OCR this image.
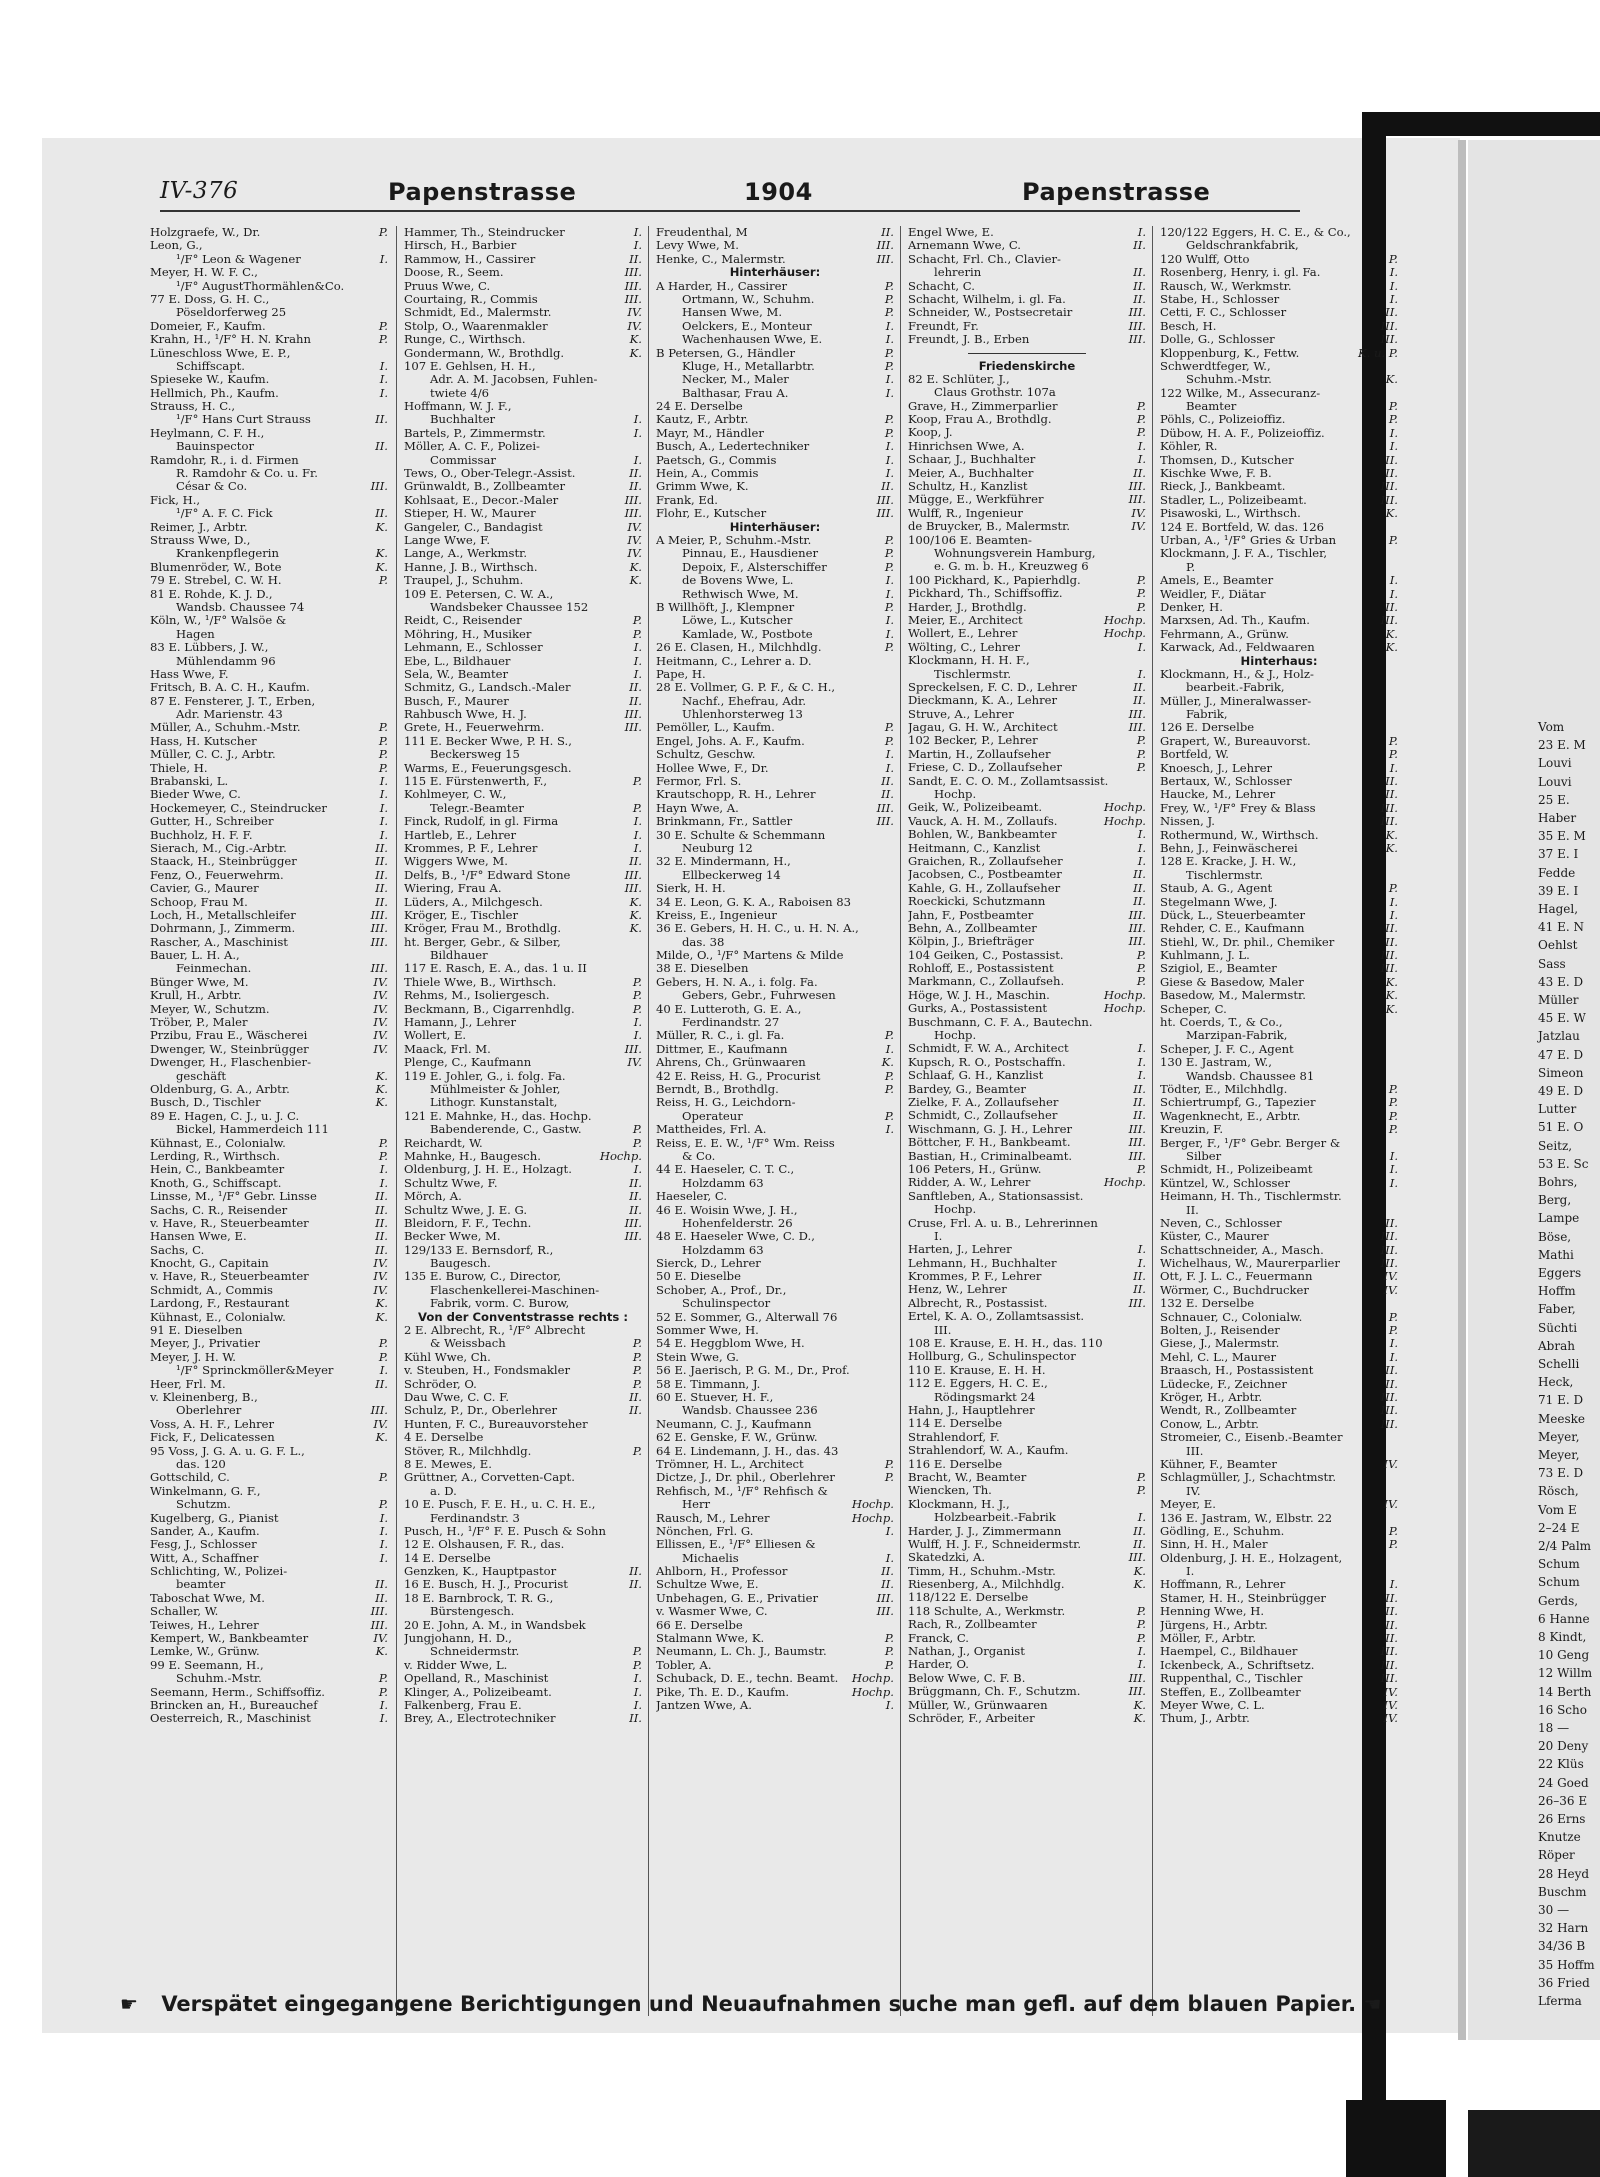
IV-376	Papenstrasse	1904	Papenstrasse
Holzgraefe, W., Dr.	P.
Leon, G.,
¹/F° Leon & Wagener	I.
Meyer, H. W. F. C.,
¹/F° AugustThormählen&Co.
77 E. Doss, G. H. C.,
Pöseldorferweg 25
Domeier, F., Kaufm.	P.
Krahn, H., ¹/F° H. N. Krahn	P.
Lüneschloss Wwe, E. P.,
Schiffscapt.	I.
Spieseke W., Kaufm.	I.
Hellmich, Ph., Kaufm.	I.
Strauss, H. C.,
¹/F° Hans Curt Strauss	II.
Heylmann, C. F. H.,
Bauinspector	II.
Ramdohr, R., i. d. Firmen
R. Ramdohr & Co. u. Fr.
César & Co.	III.
Fick, H.,
¹/F° A. F. C. Fick	II.
Reimer, J., Arbtr.	K.
Strauss Wwe, D.,
Krankenpflegerin	K.
Blumenröder, W., Bote	K.
79 E. Strebel, C. W. H.	P.
81 E. Rohde, K. J. D.,
Wandsb. Chaussee 74
Köln, W., ¹/F° Walsöe &
Hagen
83 E. Lübbers, J. W.,
Mühlendamm 96
Hass Wwe, F.
Fritsch, B. A. C. H., Kaufm.
87 E. Fensterer, J. T., Erben,
Adr. Marienstr. 43
Müller, A., Schuhm.-Mstr.	P.
Hass, H. Kutscher	P.
Müller, C. C. J., Arbtr.	P.
Thiele, H.	P.
Brabanski, L.	I.
Bieder Wwe, C.	I.
Hockemeyer, C., Steindrucker	I.
Gutter, H., Schreiber	I.
Buchholz, H. F. F.	I.
Sierach, M., Cig.-Arbtr.	II.
Staack, H., Steinbrügger	II.
Fenz, O., Feuerwehrm.	II.
Cavier, G., Maurer	II.
Schoop, Frau M.	II.
Loch, H., Metallschleifer	III.
Dohrmann, J., Zimmerm.	III.
Rascher, A., Maschinist	III.
Bauer, L. H. A.,
Feinmechan.	III.
Bünger Wwe, M.	IV.
Krull, H., Arbtr.	IV.
Meyer, W., Schutzm.	IV.
Tröber, P., Maler	IV.
Przibu, Frau E., Wäscherei	IV.
Dwenger, W., Steinbrügger	IV.
Dwenger, H., Flaschenbier-
geschäft	K.
Oldenburg, G. A., Arbtr.	K.
Busch, D., Tischler	K.
89 E. Hagen, C. J., u. J. C.
Bickel, Hammerdeich 111
Kühnast, E., Colonialw.	P.
Lerding, R., Wirthsch.	P.
Hein, C., Bankbeamter	I.
Knoth, G., Schiffscapt.	I.
Linsse, M., ¹/F° Gebr. Linsse	II.
Sachs, C. R., Reisender	II.
v. Have, R., Steuerbeamter	II.
Hansen Wwe, E.	II.
Sachs, C.	II.
Knocht, G., Capitain	IV.
v. Have, R., Steuerbeamter	IV.
Schmidt, A., Commis	IV.
Lardong, F., Restaurant	K.
Kühnast, E., Colonialw.	K.
91 E. Dieselben
Meyer, J., Privatier	P.
Meyer, J. H. W.	P.
¹/F° Sprinckmöller&Meyer	I.
Heer, Frl. M.	II.
v. Kleinenberg, B.,
Oberlehrer	III.
Voss, A. H. F., Lehrer	IV.
Fick, F., Delicatessen	K.
95 Voss, J. G. A. u. G. F. L.,
das. 120
Gottschild, C.	P.
Winkelmann, G. F.,
Schutzm.	P.
Kugelberg, G., Pianist	I.
Sander, A., Kaufm.	I.
Fesg, J., Schlosser	I.
Witt, A., Schaffner	I.
Schlichting, W., Polizei-
beamter	II.
Taboschat Wwe, M.	II.
Schaller, W.	III.
Teiwes, H., Lehrer	III.
Kempert, W., Bankbeamter	IV.
Lemke, W., Grünw.	K.
99 E. Seemann, H.,
Schuhm.-Mstr.	P.
Seemann, Herm., Schiffsoffiz.	P.
Brincken an, H., Bureauchef	I.
Oesterreich, R., Maschinist	I.
Hammer, Th., Steindrucker	I.
Hirsch, H., Barbier	I.
Rammow, H., Cassirer	II.
Doose, R., Seem.	III.
Pruus Wwe, C.	III.
Courtaing, R., Commis	III.
Schmidt, Ed., Malermstr.	IV.
Stolp, O., Waarenmakler	IV.
Runge, C., Wirthsch.	K.
Gondermann, W., Brothdlg.	K.
107 E. Gehlsen, H. H.,
Adr. A. M. Jacobsen, Fuhlen-
twiete 4/6
Hoffmann, W. J. F.,
Buchhalter	I.
Bartels, P., Zimmermstr.	I.
Möller, A. C. F., Polizei-
Commissar	I.
Tews, O., Ober-Telegr.-Assist.	II.
Grünwaldt, B., Zollbeamter	II.
Kohlsaat, E., Decor.-Maler	III.
Stieper, H. W., Maurer	III.
Gangeler, C., Bandagist	IV.
Lange Wwe, F.	IV.
Lange, A., Werkmstr.	IV.
Hanne, J. B., Wirthsch.	K.
Traupel, J., Schuhm.	K.
109 E. Petersen, C. W. A.,
Wandsbeker Chaussee 152
Reidt, C., Reisender	P.
Möhring, H., Musiker	P.
Lehmann, E., Schlosser	I.
Ebe, L., Bildhauer	I.
Sela, W., Beamter	I.
Schmitz, G., Landsch.-Maler	II.
Busch, F., Maurer	II.
Rahbusch Wwe, H. J.	III.
Grete, H., Feuerwehrm.	III.
111 E. Becker Wwe, P. H. S.,
Beckersweg 15
Warms, E., Feuerungsgesch.
115 E. Fürstenwerth, F.,	P.
Kohlmeyer, C. W.,
Telegr.-Beamter	P.
Finck, Rudolf, in gl. Firma	I.
Hartleb, E., Lehrer	I.
Krommes, P. F., Lehrer	I.
Wiggers Wwe, M.	II.
Delfs, B., ¹/F° Edward Stone	III.
Wiering, Frau A.	III.
Lüders, A., Milchgesch.	K.
Kröger, E., Tischler	K.
Kröger, Frau M., Brothdlg.	K.
ht. Berger, Gebr., & Silber,
Bildhauer
117 E. Rasch, E. A., das. 1 u. II
Thiele Wwe, B., Wirthsch.	P.
Rehms, M., Isoliergesch.	P.
Beckmann, B., Cigarrenhdlg.	P.
Hamann, J., Lehrer	I.
Wollert, E.	I.
Maack, Frl. M.	III.
Plenge, C., Kaufmann	IV.
119 E. Johler, G., i. folg. Fa.
Mühlmeister & Johler,
Lithogr. Kunstanstalt,
121 E. Mahnke, H., das. Hochp.
Babenderende, C., Gastw.	P.
Reichardt, W.	P.
Mahnke, H., Baugesch.	Hochp.
Oldenburg, J. H. E., Holzagt.	I.
Schultz Wwe, F.	II.
Mörch, A.	II.
Schultz Wwe, J. E. G.	II.
Bleidorn, F. F., Techn.	III.
Becker Wwe, M.	III.
129/133 E. Bernsdorf, R.,
Baugesch.
135 E. Burow, C., Director,
Flaschenkellerei-Maschinen-
Fabrik, vorm. C. Burow,
Von der Conventstrasse rechts :
2 E. Albrecht, R., ¹/F° Albrecht
& Weissbach	P.
Kühl Wwe, Ch.	P.
v. Steuben, H., Fondsmakler	P.
Schröder, O.	P.
Dau Wwe, C. C. F.	II.
Schulz, P., Dr., Oberlehrer	II.
Hunten, F. C., Bureauvorsteher
4 E. Derselbe
Stöver, R., Milchhdlg.	P.
8 E. Mewes, E.
Grüttner, A., Corvetten-Capt.
a. D.
10 E. Pusch, F. E. H., u. C. H. E.,
Ferdinandstr. 3
Pusch, H., ¹/F° F. E. Pusch & Sohn
12 E. Olshausen, F. R., das.
14 E. Derselbe
Genzken, K., Hauptpastor	II.
16 E. Busch, H. J., Procurist	II.
18 E. Barnbrock, T. R. G.,
Bürstengesch.
20 E. John, A. M., in Wandsbek
Jungjohann, H. D.,
Schneidermstr.	P.
v. Ridder Wwe, L.	P.
Opelland, R., Maschinist	I.
Klinger, A., Polizeibeamt.	I.
Falkenberg, Frau E.	I.
Brey, A., Electrotechniker	II.
Freudenthal, M	II.
Levy Wwe, M.	III.
Henke, C., Malermstr.	III.
Hinterhäuser:
A Harder, H., Cassirer	P.
Ortmann, W., Schuhm.	P.
Hansen Wwe, M.	P.
Oelckers, E., Monteur	I.
Wachenhausen Wwe, E.	I.
B Petersen, G., Händler	P.
Kluge, H., Metallarbtr.	P.
Necker, M., Maler	I.
Balthasar, Frau A.	I.
24 E. Derselbe
Kautz, F., Arbtr.	P.
Mayr, M., Händler	P.
Busch, A., Ledertechniker	I.
Paetsch, G., Commis	I.
Hein, A., Commis	I.
Grimm Wwe, K.	II.
Frank, Ed.	III.
Flohr, E., Kutscher	III.
Hinterhäuser:
A Meier, P., Schuhm.-Mstr.	P.
Pinnau, E., Hausdiener	P.
Depoix, F., Alsterschiffer	P.
de Bovens Wwe, L.	I.
Rethwisch Wwe, M.	I.
B Willhöft, J., Klempner	P.
Löwe, L., Kutscher	I.
Kamlade, W., Postbote	I.
26 E. Clasen, H., Milchhdlg.	P.
Heitmann, C., Lehrer a. D.
Pape, H.
28 E. Vollmer, G. P. F., & C. H.,
Nachf., Ehefrau, Adr.
Uhlenhorsterweg 13
Pemöller, L., Kaufm.	P.
Engel, Johs. A. F., Kaufm.	P.
Schultz, Geschw.	I.
Hollee Wwe, F., Dr.	I.
Fermor, Frl. S.	II.
Krautschopp, R. H., Lehrer	II.
Hayn Wwe, A.	III.
Brinkmann, Fr., Sattler	III.
30 E. Schulte & Schemmann
Neuburg 12
32 E. Mindermann, H.,
Ellbeckerweg 14
Sierk, H. H.
34 E. Leon, G. K. A., Raboisen 83
Kreiss, E., Ingenieur
36 E. Gebers, H. H. C., u. H. N. A.,
das. 38
Milde, O., ¹/F° Martens & Milde
38 E. Dieselben
Gebers, H. N. A., i. folg. Fa.
Gebers, Gebr., Fuhrwesen
40 E. Lutteroth, G. E. A.,
Ferdinandstr. 27
Müller, R. C., i. gl. Fa.	P.
Dittmer, E., Kaufmann	I.
Ahrens, Ch., Grünwaaren	K.
42 E. Reiss, H. G., Procurist	P.
Berndt, B., Brothdlg.	P.
Reiss, H. G., Leichdorn-
Operateur	P.
Mattheides, Frl. A.	I.
Reiss, E. E. W., ¹/F° Wm. Reiss
& Co.
44 E. Haeseler, C. T. C.,
Holzdamm 63
Haeseler, C.
46 E. Woisin Wwe, J. H.,
Hohenfelderstr. 26
48 E. Haeseler Wwe, C. D.,
Holzdamm 63
Sierck, D., Lehrer
50 E. Dieselbe
Schober, A., Prof., Dr.,
Schulinspector
52 E. Sommer, G., Alterwall 76
Sommer Wwe, H.
54 E. Heggblom Wwe, H.
Stein Wwe, G.
56 E. Jaerisch, P. G. M., Dr., Prof.
58 E. Timmann, J.
60 E. Stuever, H. F.,
Wandsb. Chaussee 236
Neumann, C. J., Kaufmann
62 E. Genske, F. W., Grünw.
64 E. Lindemann, J. H., das. 43
Trömner, H. L., Architect	P.
Dictze, J., Dr. phil., Oberlehrer	P.
Rehfisch, M., ¹/F° Rehfisch &
Herr	Hochp.
Rausch, M., Lehrer	Hochp.
Nönchen, Frl. G.	I.
Ellissen, E., ¹/F° Elliesen &
Michaelis	I.
Ahlborn, H., Professor	II.
Schultze Wwe, E.	II.
Unbehagen, G. E., Privatier	III.
v. Wasmer Wwe, C.	III.
66 E. Derselbe
Stalmann Wwe, K.	P.
Neumann, L. Ch. J., Baumstr.	P.
Tobler, A.	P.
Schuback, D. E., techn. Beamt.	Hochp.
Pike, Th. E. D., Kaufm.	Hochp.
Jantzen Wwe, A.	I.
Engel Wwe, E.	I.
Arnemann Wwe, C.	II.
Schacht, Frl. Ch., Clavier-
lehrerin	II.
Schacht, C.	II.
Schacht, Wilhelm, i. gl. Fa.	II.
Schneider, W., Postsecretair	III.
Freundt, Fr.	III.
Freundt, J. B., Erben	III.
Friedenskirche
82 E. Schlüter, J.,
Claus Grothstr. 107a
Grave, H., Zimmerparlier	P.
Koop, Frau A., Brothdlg.	P.
Koop, J.	P.
Hinrichsen Wwe, A.	I.
Schaar, J., Buchhalter	I.
Meier, A., Buchhalter	II.
Schultz, H., Kanzlist	III.
Mügge, E., Werkführer	III.
Wulff, R., Ingenieur	IV.
de Bruycker, B., Malermstr.	IV.
100/106 E. Beamten-
Wohnungsverein Hamburg,
e. G. m. b. H., Kreuzweg 6
100 Pickhard, K., Papierhdlg.	P.
Pickhard, Th., Schiffsoffiz.	P.
Harder, J., Brothdlg.	P.
Meier, E., Architect	Hochp.
Wollert, E., Lehrer	Hochp.
Wölting, C., Lehrer	I.
Klockmann, H. H. F.,
Tischlermstr.	I.
Spreckelsen, F. C. D., Lehrer	II.
Dieckmann, K. A., Lehrer	II.
Struve, A., Lehrer	III.
Jagau, G. H. W., Architect	III.
102 Becker, P., Lehrer	P.
Martin, H., Zollaufseher	P.
Friese, C. D., Zollaufseher	P.
Sandt, E. C. O. M., Zollamtsassist.
Hochp.
Geik, W., Polizeibeamt.	Hochp.
Vauck, A. H. M., Zollaufs.	Hochp.
Bohlen, W., Bankbeamter	I.
Heitmann, C., Kanzlist	I.
Graichen, R., Zollaufseher	I.
Jacobsen, C., Postbeamter	II.
Kahle, G. H., Zollaufseher	II.
Roeckicki, Schutzmann	II.
Jahn, F., Postbeamter	III.
Behn, A., Zollbeamter	III.
Kölpin, J., Briefträger	III.
104 Geiken, C., Postassist.	P.
Rohloff, E., Postassistent	P.
Markmann, C., Zollaufseh.	P.
Höge, W. J. H., Maschin.	Hochp.
Gurks, A., Postassistent	Hochp.
Buschmann, C. F. A., Bautechn.
Hochp.
Schmidt, F. W. A., Architect	I.
Kupsch, R. O., Postschaffn.	I.
Schlaaf, G. H., Kanzlist	I.
Bardey, G., Beamter	II.
Zielke, F. A., Zollaufseher	II.
Schmidt, C., Zollaufseher	II.
Wischmann, G. J. H., Lehrer	III.
Böttcher, F. H., Bankbeamt.	III.
Bastian, H., Criminalbeamt.	III.
106 Peters, H., Grünw.	P.
Ridder, A. W., Lehrer	Hochp.
Sanftleben, A., Stationsassist.
Hochp.
Cruse, Frl. A. u. B., Lehrerinnen
I.
Harten, J., Lehrer	I.
Lehmann, H., Buchhalter	I.
Krommes, P. F., Lehrer	II.
Henz, W., Lehrer	II.
Albrecht, R., Postassist.	III.
Ertel, K. A. O., Zollamtsassist.
III.
108 E. Krause, E. H. H., das. 110
Hollburg, G., Schulinspector
110 E. Krause, E. H. H.
112 E. Eggers, H. C. E.,
Rödingsmarkt 24
Hahn, J., Hauptlehrer
114 E. Derselbe
Strahlendorf, F.
Strahlendorf, W. A., Kaufm.
116 E. Derselbe
Bracht, W., Beamter	P.
Wiencken, Th.	P.
Klockmann, H. J.,
Holzbearbeit.-Fabrik	I.
Harder, J. J., Zimmermann	II.
Wulff, H. J. F., Schneidermstr.	II.
Skatedzki, A.	III.
Timm, H., Schuhm.-Mstr.	K.
Riesenberg, A., Milchhdlg.	K.
118/122 E. Derselbe
118 Schulte, A., Werkmstr.	P.
Rach, R., Zollbeamter	P.
Franck, C.	P.
Nathan, J., Organist	I.
Harder, O.	I.
Below Wwe, C. F. B.	III.
Brüggmann, Ch. F., Schutzm.	III.
Müller, W., Grünwaaren	K.
Schröder, F., Arbeiter	K.
120/122 Eggers, H. C. E., & Co.,
Geldschrankfabrik,
120 Wulff, Otto	P.
Rosenberg, Henry, i. gl. Fa.	I.
Rausch, W., Werkmstr.	I.
Stabe, H., Schlosser	I.
Cetti, F. C., Schlosser	II.
Besch, H.	III.
Dolle, G., Schlosser	III.
Kloppenburg, K., Fettw.	K. u. P.
Schwerdtfeger, W.,
Schuhm.-Mstr.	K.
122 Wilke, M., Assecuranz-
Beamter	P.
Pöhls, C., Polizeioffiz.	P.
Dübow, H. A. F., Polizeioffiz.	I.
Köhler, R.	I.
Thomsen, D., Kutscher	II.
Kischke Wwe, F. B.	II.
Rieck, J., Bankbeamt.	III.
Stadler, L., Polizeibeamt.	III.
Pisawoski, L., Wirthsch.	K.
124 E. Bortfeld, W. das. 126
Urban, A., ¹/F° Gries & Urban	P.
Klockmann, J. F. A., Tischler,
P.
Amels, E., Beamter	I.
Weidler, F., Diätar	I.
Denker, H.	II.
Marxsen, Ad. Th., Kaufm.	III.
Fehrmann, A., Grünw.	K.
Karwack, Ad., Feldwaaren	K.
Hinterhaus:
Klockmann, H., & J., Holz-
bearbeit.-Fabrik,
Müller, J., Mineralwasser-
Fabrik,
126 E. Derselbe
Grapert, W., Bureauvorst.	P.
Bortfeld, W.	P.
Knoesch, J., Lehrer	I.
Bertaux, W., Schlosser	II.
Haucke, M., Lehrer	II.
Frey, W., ¹/F° Frey & Blass	III.
Nissen, J.	III.
Rothermund, W., Wirthsch.	K.
Behn, J., Feinwäscherei	K.
128 E. Kracke, J. H. W.,
Tischlermstr.
Staub, A. G., Agent	P.
Stegelmann Wwe, J.	I.
Dück, L., Steuerbeamter	I.
Rehder, C. E., Kaufmann	II.
Stiehl, W., Dr. phil., Chemiker	II.
Kuhlmann, J. L.	III.
Szigiol, E., Beamter	III.
Giese & Basedow, Maler	K.
Basedow, M., Malermstr.	K.
Scheper, C.	K.
ht. Coerds, T., & Co.,
Marzipan-Fabrik,
Scheper, J. F. C., Agent
130 E. Jastram, W.,
Wandsb. Chaussee 81
Tödter, E., Milchhdlg.	P.
Schiertrumpf, G., Tapezier	P.
Wagenknecht, E., Arbtr.	P.
Kreuzin, F.	P.
Berger, F., ¹/F° Gebr. Berger &
Silber	I.
Schmidt, H., Polizeibeamt	I.
Küntzel, W., Schlosser	I.
Heimann, H. Th., Tischlermstr.
II.
Neven, C., Schlosser	II.
Küster, C., Maurer	III.
Schattschneider, A., Masch.	III.
Wichelhaus, W., Maurerparlier	III.
Ott, F. J. L. C., Feuermann	IV.
Wörmer, C., Buchdrucker	IV.
132 E. Derselbe
Schnauer, C., Colonialw.	P.
Bolten, J., Reisender	P.
Giese, J., Malermstr.	I.
Mehl, C. L., Maurer	I.
Braasch, H., Postassistent	II.
Lüdecke, F., Zeichner	II.
Kröger, H., Arbtr.	III.
Wendt, R., Zollbeamter	III.
Conow, L., Arbtr.	III.
Stromeier, C., Eisenb.-Beamter
III.
Kühner, F., Beamter	IV.
Schlagmüller, J., Schachtmstr.
IV.
Meyer, E.	IV.
136 E. Jastram, W., Elbstr. 22
Gödling, E., Schuhm.	P.
Sinn, H. H., Maler	P.
Oldenburg, J. H. E., Holzagent,
I.
Hoffmann, R., Lehrer	I.
Stamer, H. H., Steinbrügger	II.
Henning Wwe, H.	II.
Jürgens, H., Arbtr.	II.
Möller, F., Arbtr.	II.
Haempel, C., Bildhauer	III.
Ickenbeck, A., Schriftsetz.	III.
Ruppenthal, C., Tischler	III.
Steffen, E., Zollbeamter	IV.
Meyer Wwe, C. L.	IV.
Thum, J., Arbtr.	IV.
Vom
23 E. M
Louvi
Louvi
25 E.
Haber
35 E. M
37 E. I
Fedde
39 E. I
Hagel,
41 E. N
Oehlst
Sass
43 E. D
Müller
45 E. W
Jatzlau
47 E. D
Simeon
49 E. D
Lutter
51 E. O
Seitz,
53 E. Sc
Bohrs,
Berg,
Lampe
Böse,
Mathi
Eggers
Hoffm
Faber,
Süchti
Abrah
Schelli
Heck,
71 E. D
Meeske
Meyer,
Meyer,
73 E. D
Rösch,
Vom E
2–24 E
2/4 Palm
Schum
Schum
Gerds,
6 Hanne
8 Kindt,
10 Geng
12 Willm
14 Berth
16 Scho
18 —
20 Deny
22 Klüs
24 Goed
26–36 E
26 Erns
Knutze
Röper
28 Heyd
Buschm
30 —
32 Harn
34/36 B
35 Hoffm
36 Fried
Lferma
☛ Verspätet eingegangene Berichtigungen und Neuaufnahmen suche man gefl. auf dem blauen Papier. ☚
